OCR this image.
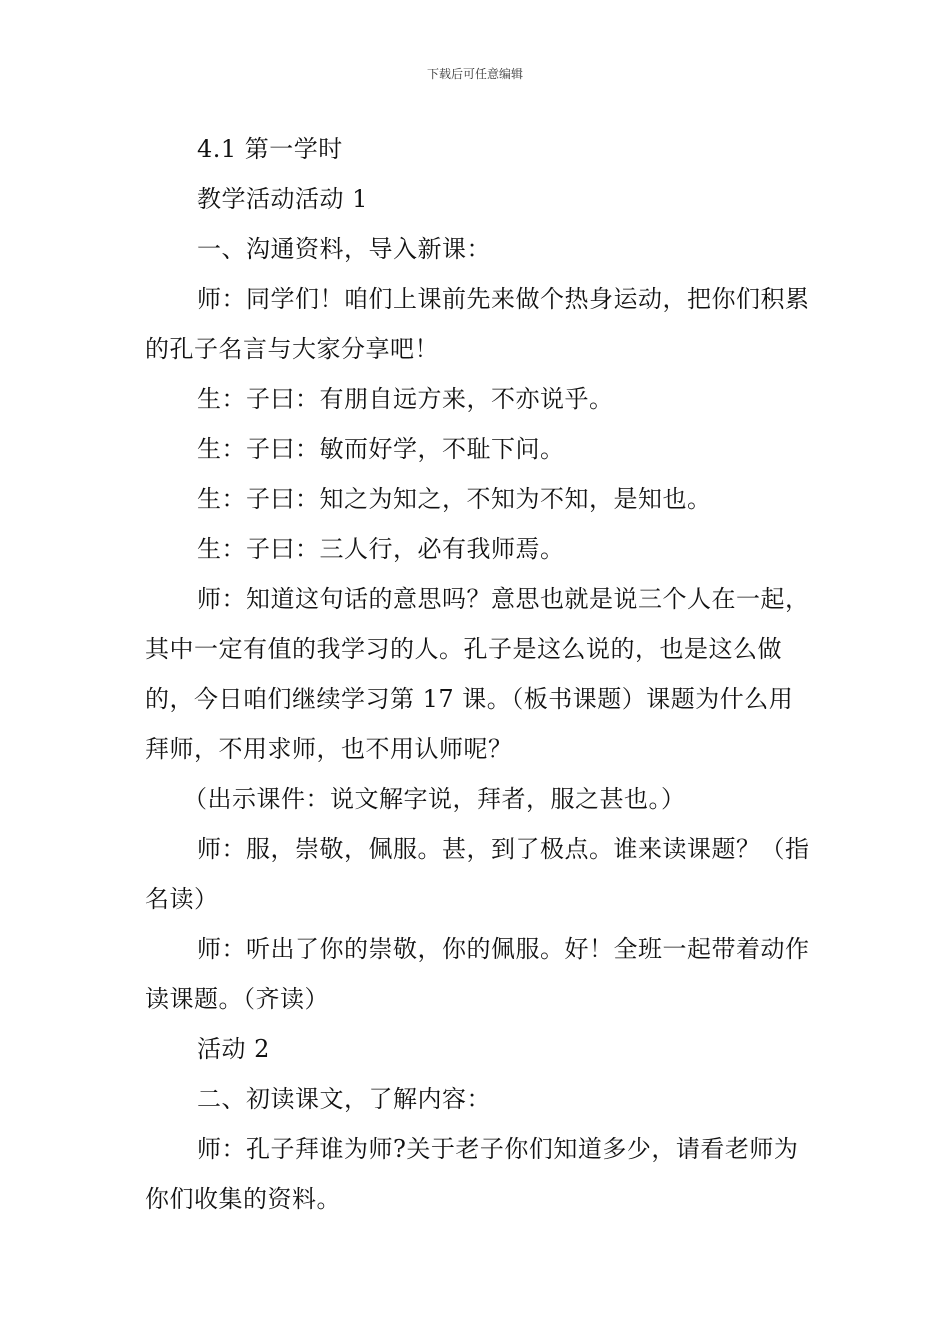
下载后可任意编辑

4.1 第一学时

教学活动活动 1

一、沟通资料，导入新课：

师：同学们！咱们上课前先来做个热身运动，把你们积累的孔子名言与大家分享吧！

生：子曰：有朋自远方来，不亦说乎。

生：子曰：敏而好学，不耻下问。

生：子曰：知之为知之，不知为不知，是知也。

生：子曰：三人行，必有我师焉。

师：知道这句话的意思吗？意思也就是说三个人在一起，其中一定有值的我学习的人。孔子是这么说的，也是这么做的，今日咱们继续学习第 17 课。（板书课题）课题为什么用拜师，不用求师，也不用认师呢？

（出示课件：说文解字说，拜者，服之甚也。）

师：服，崇敬，佩服。甚，到了极点。谁来读课题？（指名读）

师：听出了你的崇敬，你的佩服。好！全班一起带着动作读课题。（齐读）

活动 2

二、初读课文，了解内容：

师：孔子拜谁为师?关于老子你们知道多少，请看老师为你们收集的资料。
